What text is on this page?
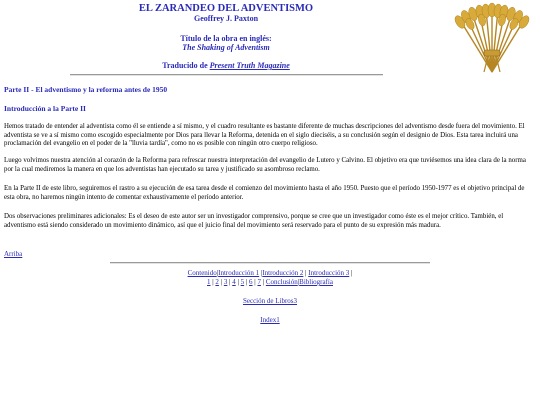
EL ZARANDEO DEL ADVENTISMO
Geoffrey J. Paxton
Título de la obra en inglés:
The Shaking of Adventism
Traducido de Present Truth Magazine
Parte II - El adventismo y la reforma antes de 1950
Introducción a la Parte II

Hemos tratado de entender al adventista como él se entiende a sí mismo, y el cuadro resultante es bastante diferente de muchas descripciones del adventismo desde fuera del movimiento. El adventista se ve a sí mismo como escogido especialmente por Dios para llevar la Reforma, detenida en el siglo dieciséis, a su conclusión según el designio de Dios. Esta tarea incluirá una proclamación del evangelio en el poder de la "lluvia tardía", como no es posible con ningún otro cuerpo religioso.

Luego volvimos nuestra atención al corazón de la Reforma para refrescar nuestra interpretación del evangelio de Lutero y Calvino. El objetivo era que tuviésemos una idea clara de la norma por la cual mediremos la manera en que los adventistas han ejecutado su tarea y justificado su asombroso reclamo.

En la Parte II de este libro, seguiremos el rastro a su ejecución de esa tarea desde el comienzo del movimiento hasta el año 1950. Puesto que el período 1950-1977 es el objetivo principal de esta obra, no haremos ningún intento de comentar exhaustivamente el período anterior.

Dos observaciones preliminares adicionales: Es el deseo de este autor ser un investigador comprensivo, porque se cree que un investigador como éste es el mejor crítico. También, el adventismo está siendo considerado un movimiento dinámico, así que el juicio final del movimiento será reservado para el punto de su expresión más madura.

Arriba
Contenido|Introducción 1 |Introducción 2 | Introducción 3 |
1 | 2 | 3 | 4 | 5 | 6 | 7 | Conclusión|Bibliografía
Sección de Libros3
Index1
